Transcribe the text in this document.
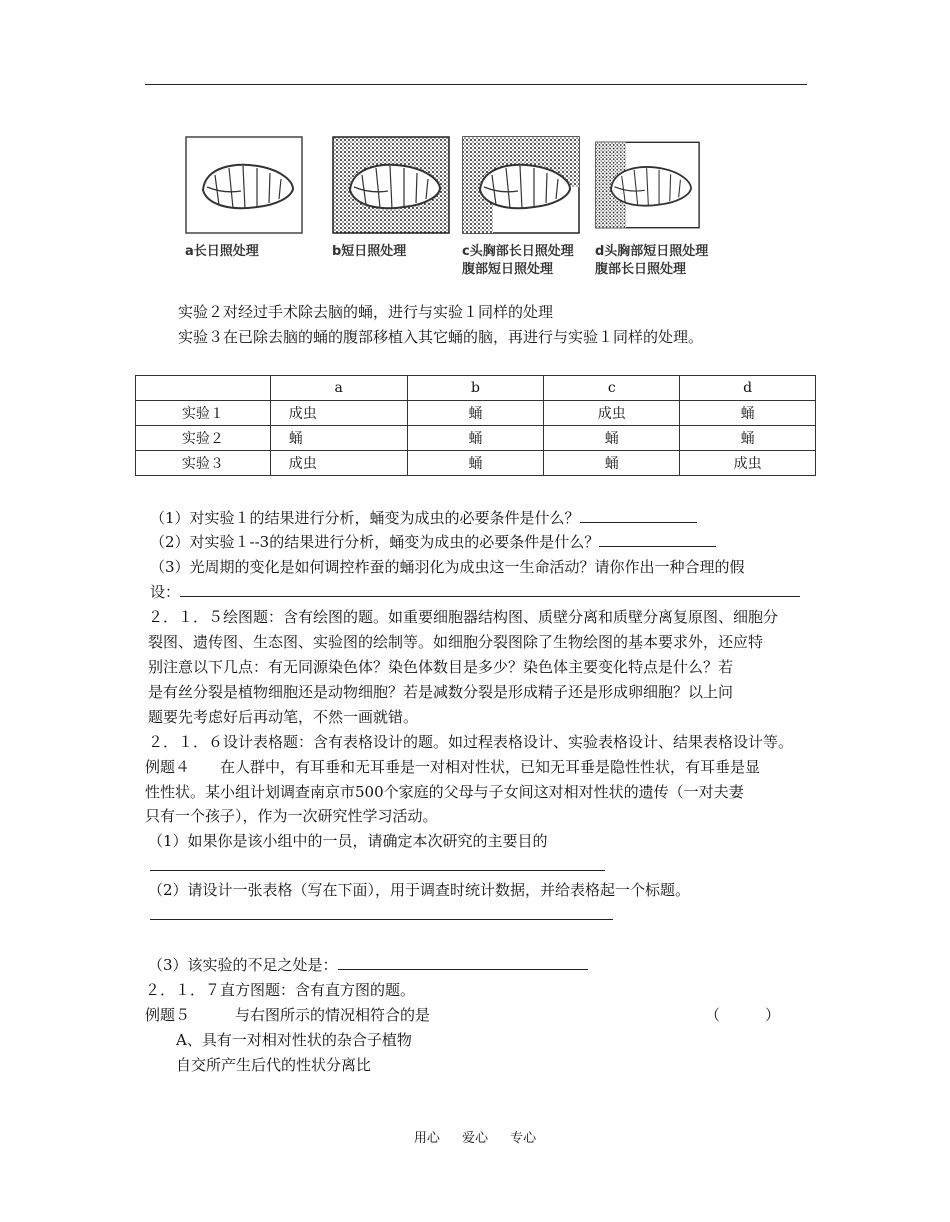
a长日照处理	b短日照处理	c头胸部长日照处理
腹部短日照处理
d头胸部短日照处理
腹部长日照处理
实验２对经过手术除去脑的蛹，进行与实验１同样的处理
实验３在已除去脑的蛹的腹部移植入其它蛹的脑，再进行与实验１同样的处理。
	a	b	c	d
实验１	成虫	蛹	成虫	蛹
实验２	蛹	蛹	蛹	蛹
实验３	成虫	蛹	蛹	成虫
（1）对实验１的结果进行分析，蛹变为成虫的必要条件是什么？
（2）对实验１--3的结果进行分析，蛹变为成虫的必要条件是什么？
（3）光周期的变化是如何调控柞蚕的蛹羽化为成虫这一生命活动？请你作出一种合理的假
设：
２．１．５绘图题：含有绘图的题。如重要细胞器结构图、质壁分离和质壁分离复原图、细胞分
裂图、遗传图、生态图、实验图的绘制等。如细胞分裂图除了生物绘图的基本要求外，还应特
别注意以下几点：有无同源染色体？染色体数目是多少？染色体主要变化特点是什么？若
是有丝分裂是植物细胞还是动物细胞？若是减数分裂是形成精子还是形成卵细胞？以上问
题要先考虑好后再动笔，不然一画就错。
２．１．６设计表格题：含有表格设计的题。如过程表格设计、实验表格设计、结果表格设计等。
例题４　　在人群中，有耳垂和无耳垂是一对相对性状，已知无耳垂是隐性性状，有耳垂是显
性性状。某小组计划调查南京市500个家庭的父母与子女间这对相对性状的遗传（一对夫妻
只有一个孩子），作为一次研究性学习活动。
（1）如果你是该小组中的一员，请确定本次研究的主要目的
（2）请设计一张表格（写在下面），用于调查时统计数据，并给表格起一个标题。
（3）该实验的不足之处是：
２．１．７直方图题：含有直方图的题。
例题５　　　与右图所示的情况相符合的是	（　　　）
A、具有一对相对性状的杂合子植物
自交所产生后代的性状分离比
用心 爱心 专心
